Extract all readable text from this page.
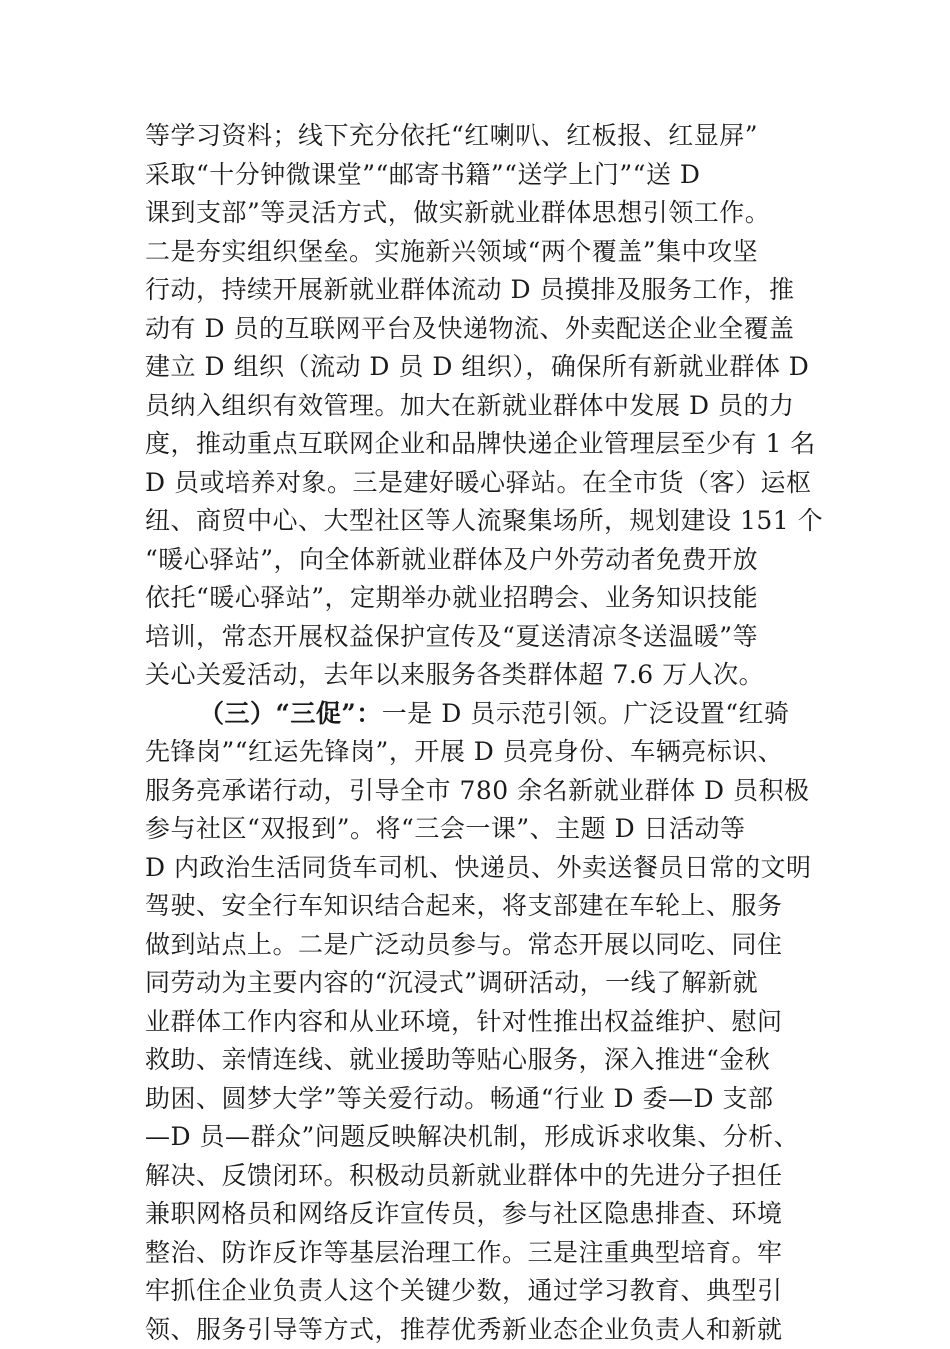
等学习资料；线下充分依托“红喇叭、红板报、红显屏”
采取“十分钟微课堂”“邮寄书籍”“送学上门”“送 D
课到支部”等灵活方式，做实新就业群体思想引领工作。
二是夯实组织堡垒。实施新兴领域“两个覆盖”集中攻坚
行动，持续开展新就业群体流动 D 员摸排及服务工作，推
动有 D 员的互联网平台及快递物流、外卖配送企业全覆盖
建立 D 组织（流动 D 员 D 组织），确保所有新就业群体 D
员纳入组织有效管理。加大在新就业群体中发展 D 员的力
度，推动重点互联网企业和品牌快递企业管理层至少有 1 名
D 员或培养对象。三是建好暖心驿站。在全市货（客）运枢
纽、商贸中心、大型社区等人流聚集场所，规划建设 151 个
“暖心驿站”，向全体新就业群体及户外劳动者免费开放
依托“暖心驿站”，定期举办就业招聘会、业务知识技能
培训，常态开展权益保护宣传及“夏送清凉冬送温暖”等
关心关爱活动，去年以来服务各类群体超 7.6 万人次。
（三）“三促”：一是 D 员示范引领。广泛设置“红骑
先锋岗”“红运先锋岗”，开展 D 员亮身份、车辆亮标识、
服务亮承诺行动，引导全市 780 余名新就业群体 D 员积极
参与社区“双报到”。将“三会一课”、主题 D 日活动等
D 内政治生活同货车司机、快递员、外卖送餐员日常的文明
驾驶、安全行车知识结合起来，将支部建在车轮上、服务
做到站点上。二是广泛动员参与。常态开展以同吃、同住
同劳动为主要内容的“沉浸式”调研活动，一线了解新就
业群体工作内容和从业环境，针对性推出权益维护、慰问
救助、亲情连线、就业援助等贴心服务，深入推进“金秋
助困、圆梦大学”等关爱行动。畅通“行业 D 委—D 支部
—D 员—群众”问题反映解决机制，形成诉求收集、分析、
解决、反馈闭环。积极动员新就业群体中的先进分子担任
兼职网格员和网络反诈宣传员，参与社区隐患排查、环境
整治、防诈反诈等基层治理工作。三是注重典型培育。牢
牢抓住企业负责人这个关键少数，通过学习教育、典型引
领、服务引导等方式，推荐优秀新业态企业负责人和新就
